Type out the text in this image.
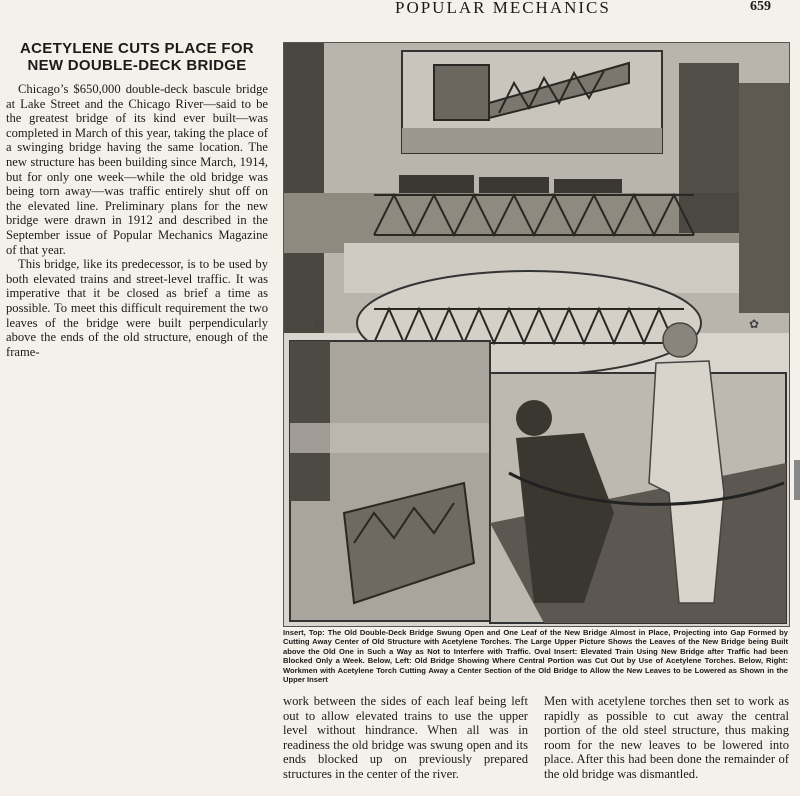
POPULAR MECHANICS	659
ACETYLENE CUTS PLACE FOR NEW DOUBLE-DECK BRIDGE

Chicago’s $650,000 double-deck bascule bridge at Lake Street and the Chicago River—said to be the greatest bridge of its kind ever built—was completed in March of this year, taking the place of a swinging bridge having the same location. The new structure has been building since March, 1914, but for only one week—while the old bridge was being torn away—was traffic entirely shut off on the elevated line. Preliminary plans for the new bridge were drawn in 1912 and described in the September issue of Popular Mechanics Magazine of that year.

This bridge, like its predecessor, is to be used by both elevated trains and street-level traffic. It was imperative that it be closed as brief a time as possible. To meet this difficult requirement the two leaves of the bridge were built perpendicularly above the ends of the old structure, enough of the frame-

✿	✿
Insert, Top: The Old Double-Deck Bridge Swung Open and One Leaf of the New Bridge Almost in Place, Projecting into Gap Formed by Cutting Away Center of Old Structure with Acetylene Torches. The Large Upper Picture Shows the Leaves of the New Bridge being Built above the Old One in Such a Way as Not to Interfere with Traffic. Oval Insert: Elevated Train Using New Bridge after Traffic had been Blocked Only a Week. Below, Left: Old Bridge Showing Where Central Portion was Cut Out by Use of Acetylene Torches. Below, Right: Workmen with Acetylene Torch Cutting Away a Center Section of the Old Bridge to Allow the New Leaves to be Lowered as Shown in the Upper Insert

work between the sides of each leaf being left out to allow elevated trains to use the upper level without hindrance. When all was in readiness the old bridge was swung open and its ends blocked up on previously prepared structures in the center of the river.

Men with acetylene torches then set to work as rapidly as possible to cut away the central portion of the old steel structure, thus making room for the new leaves to be lowered into place. After this had been done the remainder of the old bridge was dismantled.
